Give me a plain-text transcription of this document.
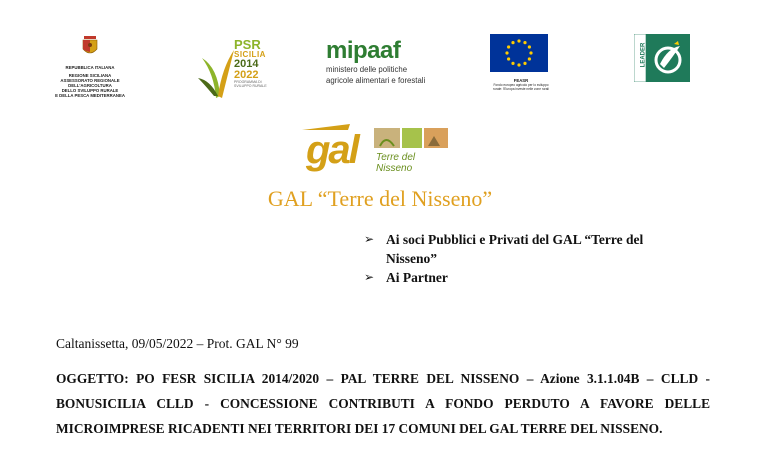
REPUBBLICA ITALIANA
REGIONE SICILIANA
ASSESSORATO REGIONALE
DELL'AGRICOLTURA
DELLO SVILUPPO RURALE
E DELLA PESCA MEDITERRANEA
PSR
SICILIA
2014
2022
PROGRAMMA DI SVILUPPO RURALE
mipaaf
ministero delle politiche
agricole alimentari e forestali	FEASR
Fondo europeo agricolo per lo sviluppo rurale: l'Europa investe nelle zone rurali
LEADER
gal Terre del Nisseno
GAL “Terre del Nisseno”
➢ Ai soci Pubblici e Privati del GAL “Terre del Nisseno”
➢ Ai Partner
Caltanissetta, 09/05/2022 – Prot. GAL N° 99
OGGETTO: PO FESR SICILIA 2014/2020 – PAL TERRE DEL NISSENO – Azione 3.1.1.04B – CLLD - BONUSICILIA CLLD - CONCESSIONE CONTRIBUTI A FONDO PERDUTO A FAVORE DELLE MICROIMPRESE RICADENTI NEI TERRITORI DEI 17 COMUNI DEL GAL TERRE DEL NISSENO.
